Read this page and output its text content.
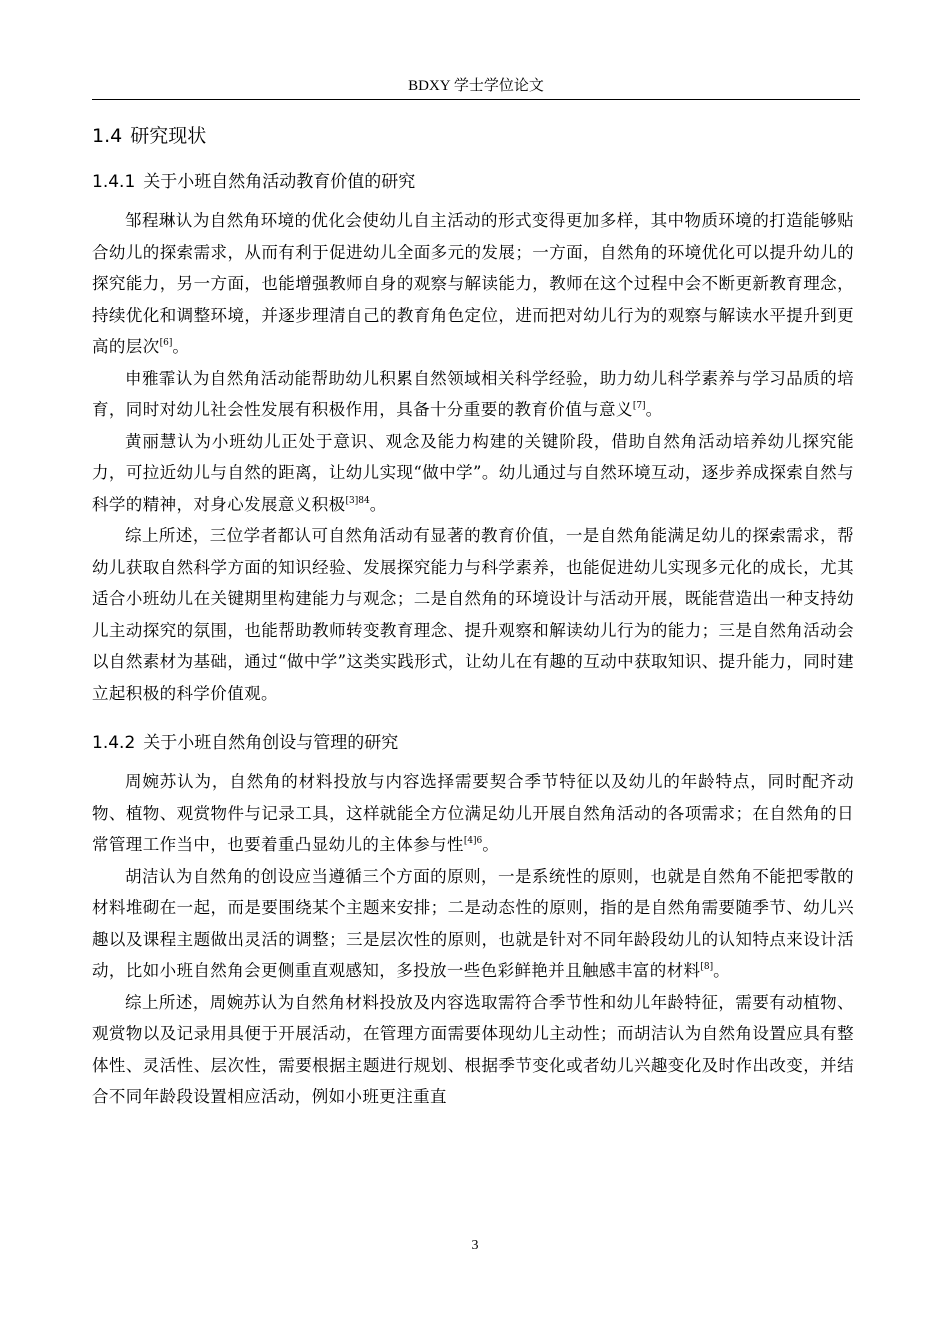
BDXY 学士学位论文
1.4 研究现状
1.4.1 关于小班自然角活动教育价值的研究

邹程琳认为自然角环境的优化会使幼儿自主活动的形式变得更加多样，其中物质环境的打造能够贴合幼儿的探索需求，从而有利于促进幼儿全面多元的发展；一方面，自然角的环境优化可以提升幼儿的探究能力，另一方面，也能增强教师自身的观察与解读能力，教师在这个过程中会不断更新教育理念，持续优化和调整环境，并逐步理清自己的教育角色定位，进而把对幼儿行为的观察与解读水平提升到更高的层次[6]。

申雅霏认为自然角活动能帮助幼儿积累自然领域相关科学经验，助力幼儿科学素养与学习品质的培育，同时对幼儿社会性发展有积极作用，具备十分重要的教育价值与意义[7]。

黄丽慧认为小班幼儿正处于意识、观念及能力构建的关键阶段，借助自然角活动培养幼儿探究能力，可拉近幼儿与自然的距离，让幼儿实现“做中学”。幼儿通过与自然环境互动，逐步养成探索自然与科学的精神，对身心发展意义积极$^{[3]84}$。

综上所述，三位学者都认可自然角活动有显著的教育价值，一是自然角能满足幼儿的探索需求，帮幼儿获取自然科学方面的知识经验、发展探究能力与科学素养，也能促进幼儿实现多元化的成长，尤其适合小班幼儿在关键期里构建能力与观念；二是自然角的环境设计与活动开展，既能营造出一种支持幼儿主动探究的氛围，也能帮助教师转变教育理念、提升观察和解读幼儿行为的能力；三是自然角活动会以自然素材为基础，通过“做中学”这类实践形式，让幼儿在有趣的互动中获取知识、提升能力，同时建立起积极的科学价值观。

1.4.2 关于小班自然角创设与管理的研究

周婉苏认为，自然角的材料投放与内容选择需要契合季节特征以及幼儿的年龄特点，同时配齐动物、植物、观赏物件与记录工具，这样就能全方位满足幼儿开展自然角活动的各项需求；在自然角的日常管理工作当中，也要着重凸显幼儿的主体参与性$^{[4]6}$。

胡洁认为自然角的创设应当遵循三个方面的原则，一是系统性的原则，也就是自然角不能把零散的材料堆砌在一起，而是要围绕某个主题来安排；二是动态性的原则，指的是自然角需要随季节、幼儿兴趣以及课程主题做出灵活的调整；三是层次性的原则，也就是针对不同年龄段幼儿的认知特点来设计活动，比如小班自然角会更侧重直观感知，多投放一些色彩鲜艳并且触感丰富的材料[8]。

综上所述，周婉苏认为自然角材料投放及内容选取需符合季节性和幼儿年龄特征，需要有动植物、观赏物以及记录用具便于开展活动，在管理方面需要体现幼儿主动性；而胡洁认为自然角设置应具有整体性、灵活性、层次性，需要根据主题进行规划、根据季节变化或者幼儿兴趣变化及时作出改变，并结合不同年龄段设置相应活动，例如小班更注重直

3
